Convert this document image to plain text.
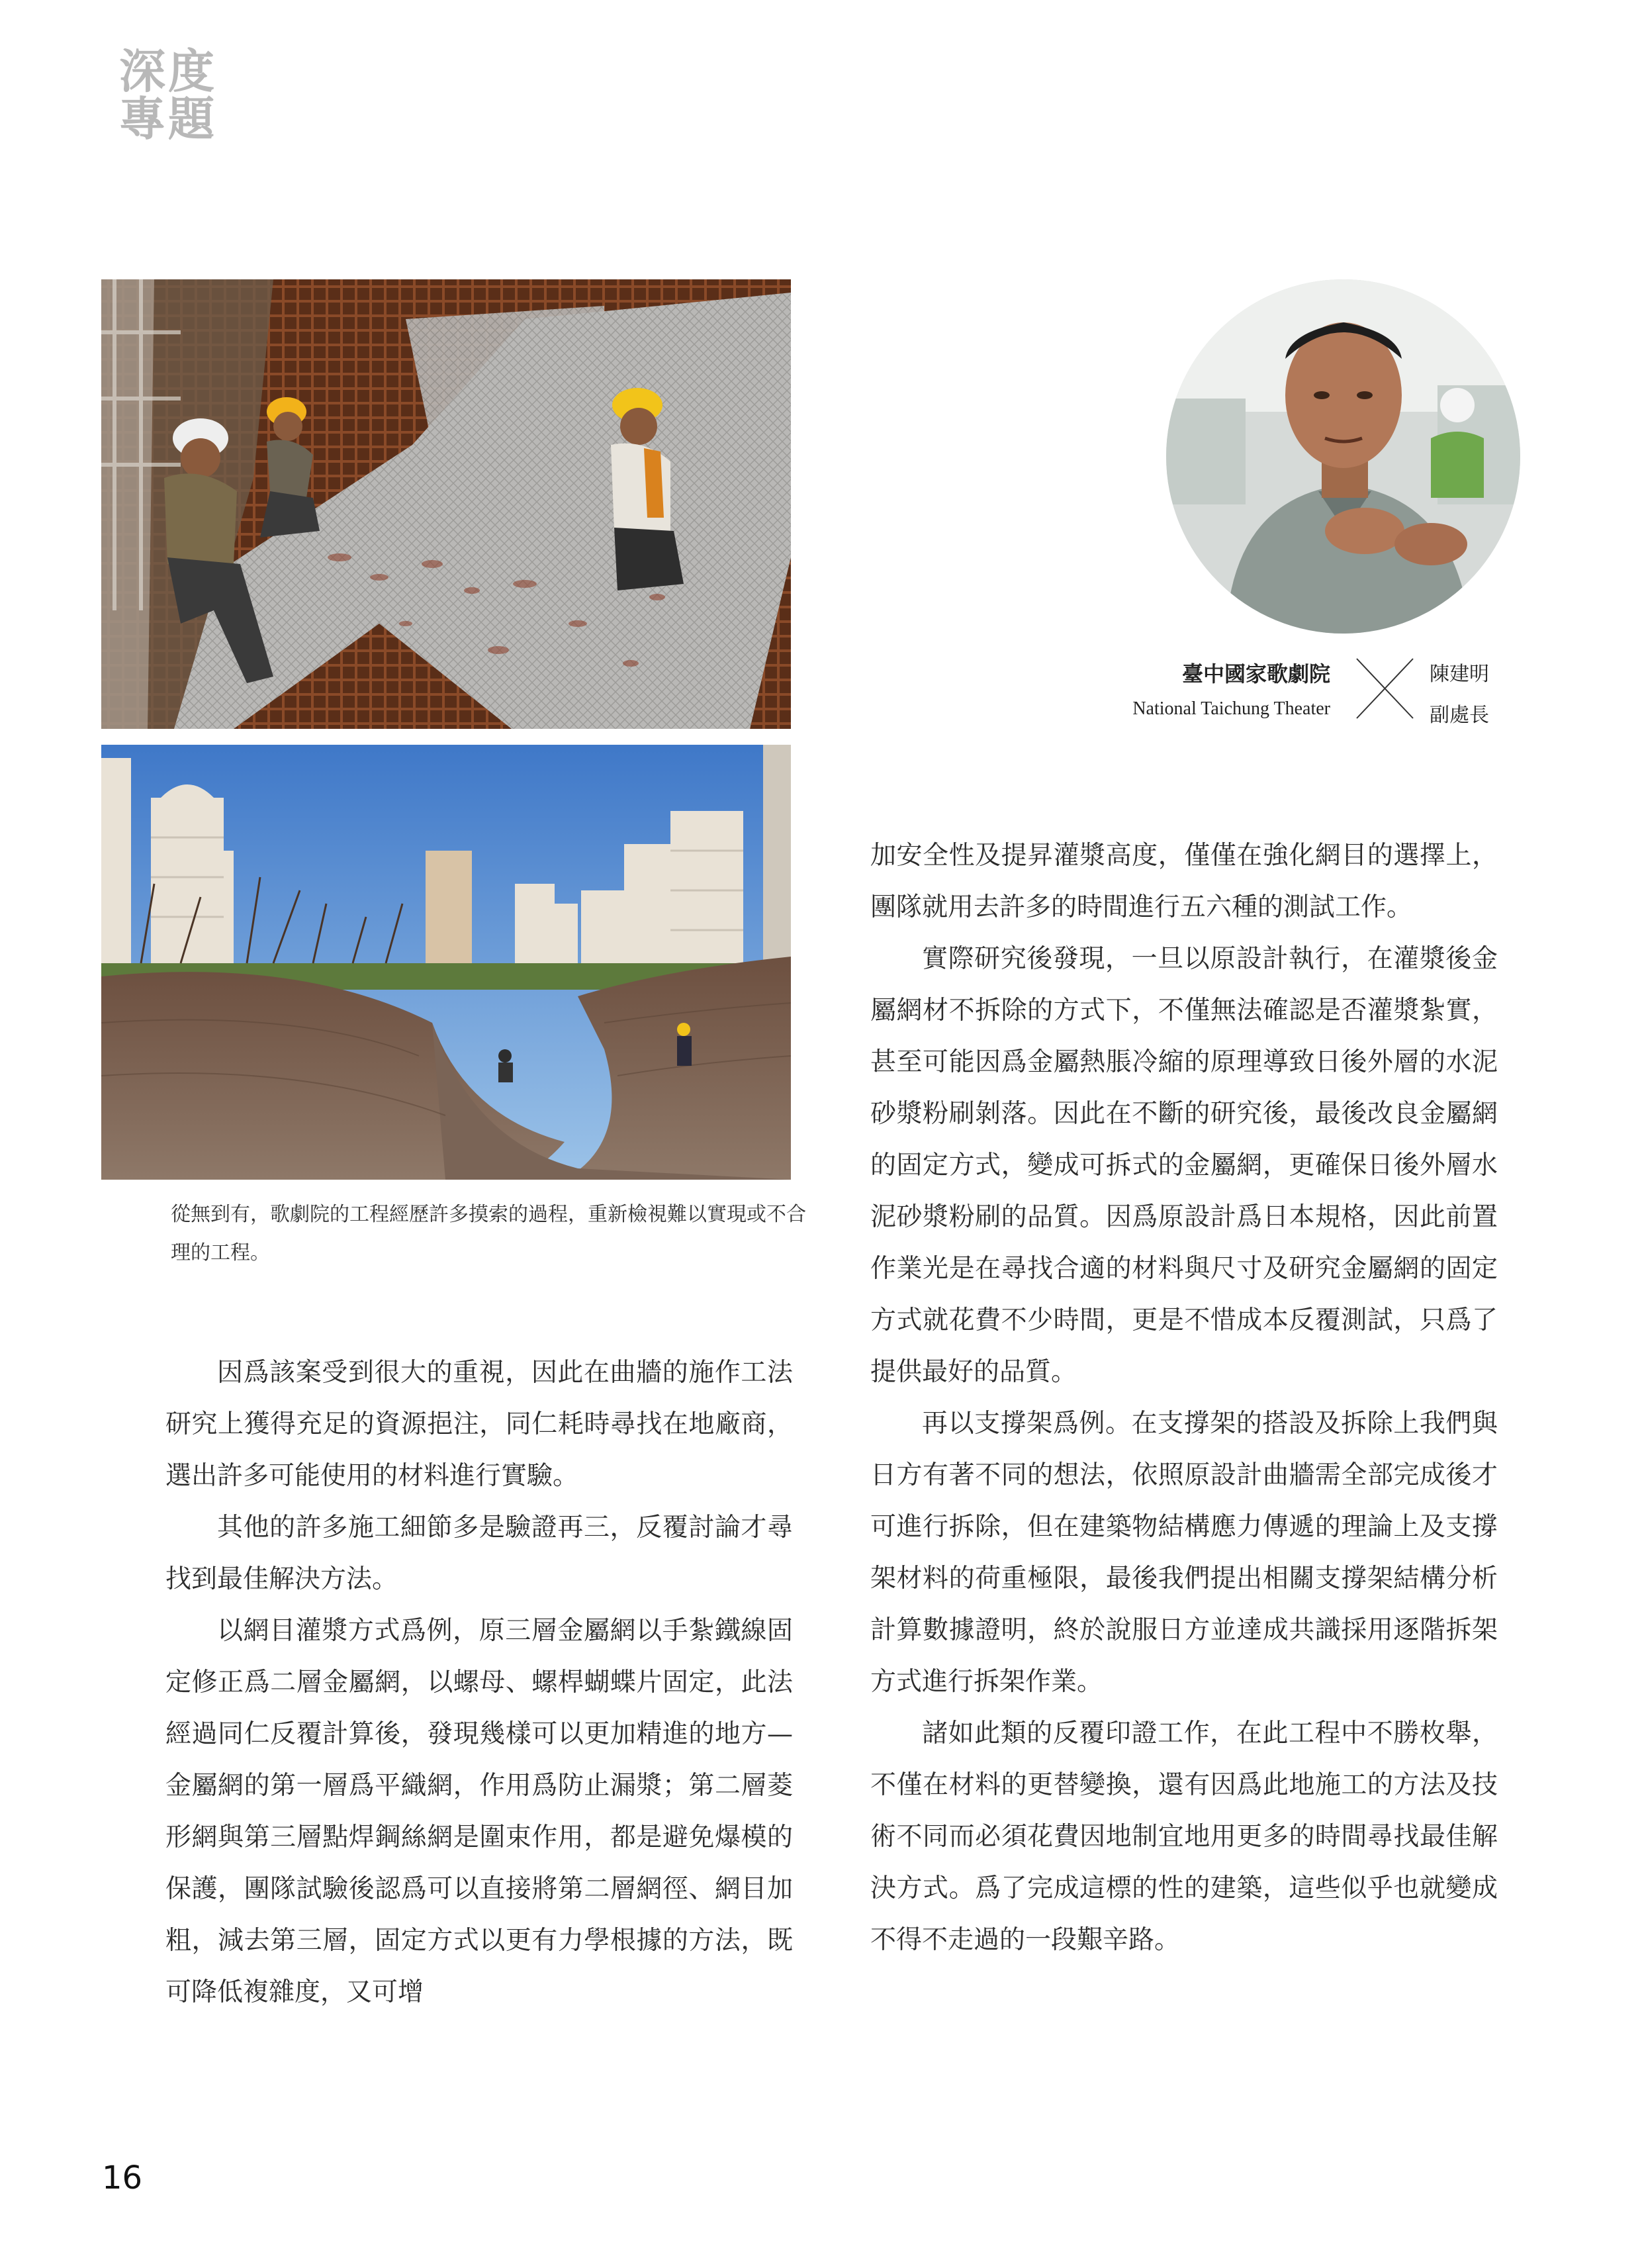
深度
專題
從無到有，歌劇院的工程經歷許多摸索的過程，重新檢視難以實現或不合理的工程。
臺中國家歌劇院
National Taichung Theater
陳建明
副處長

因爲該案受到很大的重視，因此在曲牆的施作工法研究上獲得充足的資源挹注，同仁耗時尋找在地廠商，選出許多可能使用的材料進行實驗。

其他的許多施工細節多是驗證再三，反覆討論才尋找到最佳解決方法。

以網目灌漿方式爲例，原三層金屬網以手紮鐵線固定修正爲二層金屬網，以螺母、螺桿蝴蝶片固定，此法經過同仁反覆計算後，發現幾樣可以更加精進的地方—金屬網的第一層爲平織網，作用爲防止漏漿；第二層菱形網與第三層點焊鋼絲網是圍束作用，都是避免爆模的保護，團隊試驗後認爲可以直接將第二層網徑、網目加粗，減去第三層，固定方式以更有力學根據的方法，既可降低複雜度，又可增

加安全性及提昇灌漿高度，僅僅在強化網目的選擇上，團隊就用去許多的時間進行五六種的測試工作。

實際研究後發現，一旦以原設計執行，在灌漿後金屬網材不拆除的方式下，不僅無法確認是否灌漿紮實，甚至可能因爲金屬熱脹冷縮的原理導致日後外層的水泥砂漿粉刷剝落。因此在不斷的研究後，最後改良金屬網的固定方式，變成可拆式的金屬網，更確保日後外層水泥砂漿粉刷的品質。因爲原設計爲日本規格，因此前置作業光是在尋找合適的材料與尺寸及研究金屬網的固定方式就花費不少時間，更是不惜成本反覆測試，只爲了提供最好的品質。

再以支撐架爲例。在支撐架的搭設及拆除上我們與日方有著不同的想法，依照原設計曲牆需全部完成後才可進行拆除，但在建築物結構應力傳遞的理論上及支撐架材料的荷重極限，最後我們提出相關支撐架結構分析計算數據證明，終於說服日方並達成共識採用逐階拆架方式進行拆架作業。

諸如此類的反覆印證工作，在此工程中不勝枚舉，不僅在材料的更替變換，還有因爲此地施工的方法及技術不同而必須花費因地制宜地用更多的時間尋找最佳解決方式。爲了完成這標的性的建築，這些似乎也就變成不得不走過的一段艱辛路。

16
